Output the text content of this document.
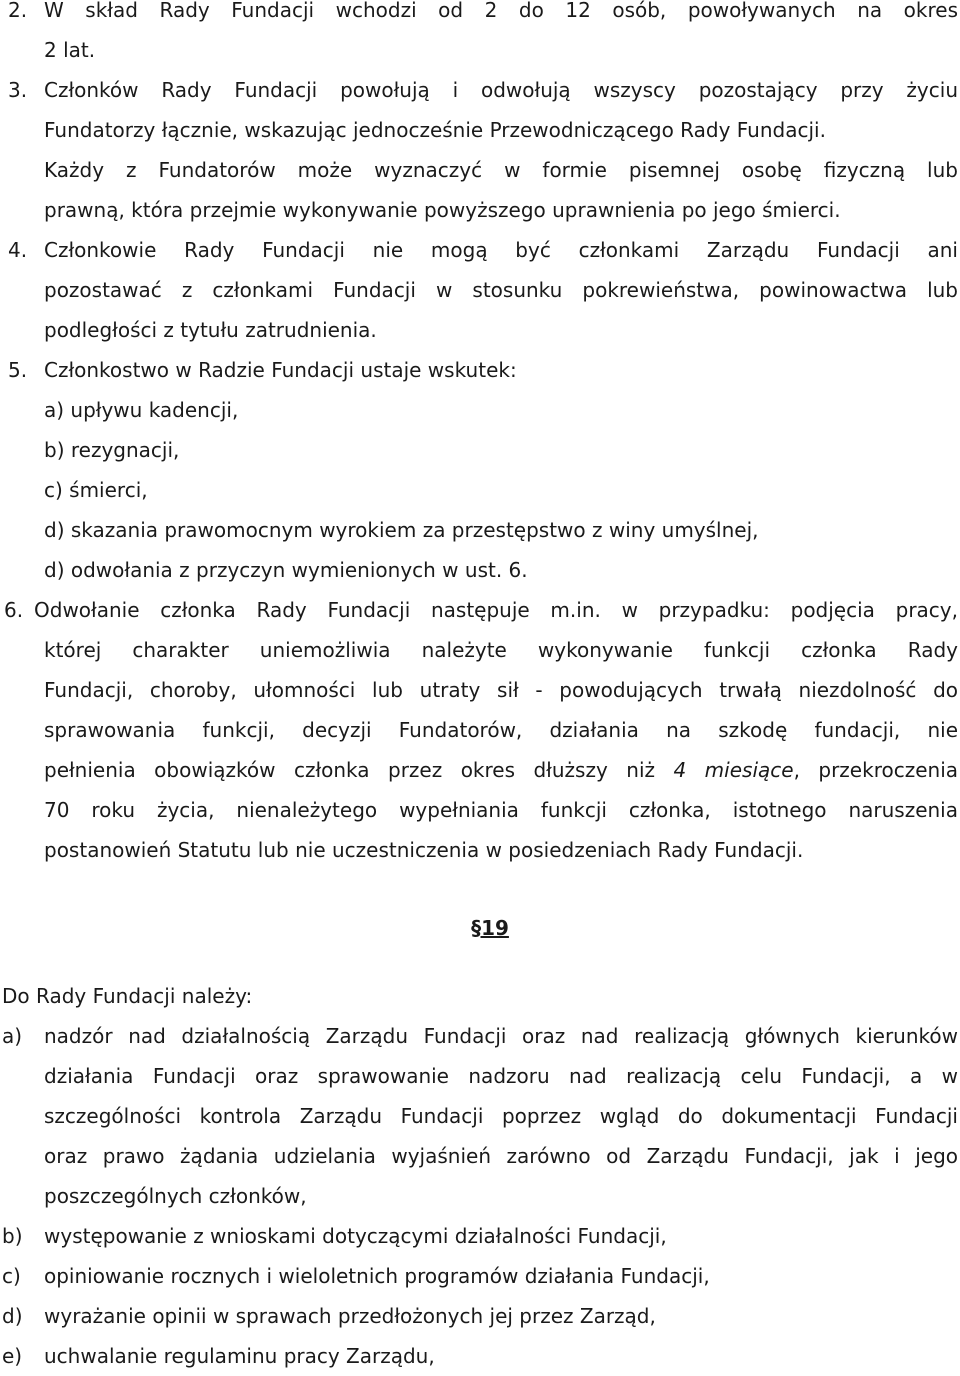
2. W skład Rady Fundacji wchodzi od 2 do 12 osób, powoływanych na okres
2 lat.
3. Członków Rady Fundacji powołują i odwołują wszyscy pozostający przy życiu
Fundatorzy łącznie, wskazując jednocześnie Przewodniczącego Rady Fundacji.
Każdy z Fundatorów może wyznaczyć w formie pisemnej osobę fizyczną lub
prawną, która przejmie wykonywanie powyższego uprawnienia po jego śmierci.
4. Członkowie Rady Fundacji nie mogą być członkami Zarządu Fundacji ani
pozostawać z członkami Fundacji w stosunku pokrewieństwa, powinowactwa lub
podległości z tytułu zatrudnienia.
5. Członkostwo w Radzie Fundacji ustaje wskutek:
a) upływu kadencji,
b) rezygnacji,
c) śmierci,
d) skazania prawomocnym wyrokiem za przestępstwo z winy umyślnej,
d) odwołania z przyczyn wymienionych w ust. 6.
6. Odwołanie członka Rady Fundacji następuje m.in. w przypadku: podjęcia pracy,
której charakter uniemożliwia należyte wykonywanie funkcji członka Rady
Fundacji, choroby, ułomności lub utraty sił - powodujących trwałą niezdolność do
sprawowania funkcji, decyzji Fundatorów, działania na szkodę fundacji, nie
pełnienia obowiązków członka przez okres dłuższy niż 4 miesiące, przekroczenia
70 roku życia, nienależytego wypełniania funkcji członka, istotnego naruszenia
postanowień Statutu lub nie uczestniczenia w posiedzeniach Rady Fundacji.
§19
Do Rady Fundacji należy:
a) nadzór nad działalnością Zarządu Fundacji oraz nad realizacją głównych kierunków
działania Fundacji oraz sprawowanie nadzoru nad realizacją celu Fundacji, a w
szczególności kontrola Zarządu Fundacji poprzez wgląd do dokumentacji Fundacji
oraz prawo żądania udzielania wyjaśnień zarówno od Zarządu Fundacji, jak i jego
poszczególnych członków,
b) występowanie z wnioskami dotyczącymi działalności Fundacji,
c) opiniowanie rocznych i wieloletnich programów działania Fundacji,
d) wyrażanie opinii w sprawach przedłożonych jej przez Zarząd,
e) uchwalanie regulaminu pracy Zarządu,
